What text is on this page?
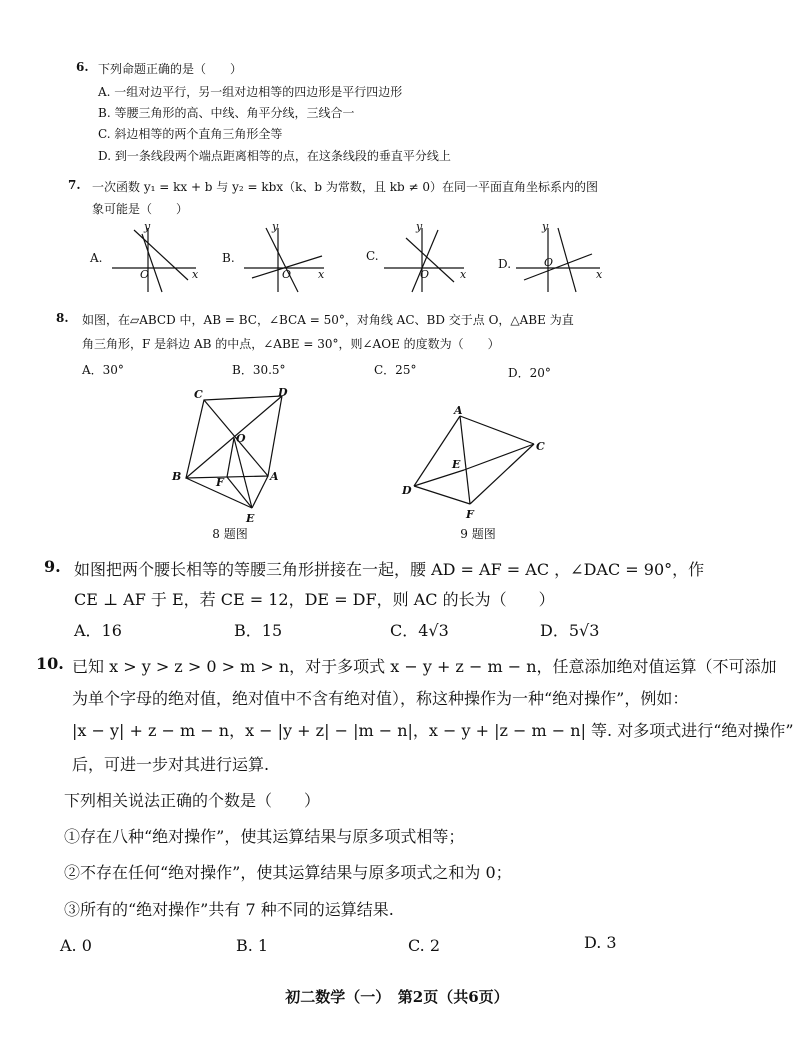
6. 下列命题正确的是（　　）
A. 一组对边平行，另一组对边相等的四边形是平行四边形
B. 等腰三角形的高、中线、角平分线，三线合一
C. 斜边相等的两个直角三角形全等
D. 到一条线段两个端点距离相等的点，在这条线段的垂直平分线上
7. 一次函数 y₁ = kx + b 与 y₂ = kbx（k、b 为常数，且 kb ≠ 0）在同一平面直角坐标系内的图
象可能是（　　）
x
y
O	x
y
O	x
y
O	x
y
O
A.	B.	C.
D.
8. 如图，在▱ABCD 中，AB = BC，∠BCA = 50°，对角线 AC、BD 交于点 O，△ABE 为直
角三角形，F 是斜边 AB 的中点，∠ABE = 30°，则∠AOE 的度数为（　　）
A．30°	B．30.5°	C．25°	D．20°
C	D
O
B	A
F
E
8 题图
A
C
D
E
F
9 题图
9. 如图把两个腰长相等的等腰三角形拼接在一起，腰 AD = AF = AC ，∠DAC = 90°，作
CE ⊥ AF 于 E，若 CE = 12，DE = DF，则 AC 的长为（　　）
A．16	B．15	C．4√3	D．5√3
10. 已知 x > y > z > 0 > m > n，对于多项式 x − y + z − m − n，任意添加绝对值运算（不可添加
为单个字母的绝对值，绝对值中不含有绝对值），称这种操作为一种“绝对操作”，例如：
|x − y| + z − m − n，x − |y + z| − |m − n|，x − y + |z − m − n| 等. 对多项式进行“绝对操作”
后，可进一步对其进行运算.
下列相关说法正确的个数是（　　）
①存在八种“绝对操作”，使其运算结果与原多项式相等；
②不存在任何“绝对操作”，使其运算结果与原多项式之和为 0；
③所有的“绝对操作”共有 7 种不同的运算结果.
A. 0	B. 1	C. 2	D. 3
初二数学（一）　第2页（共6页）
